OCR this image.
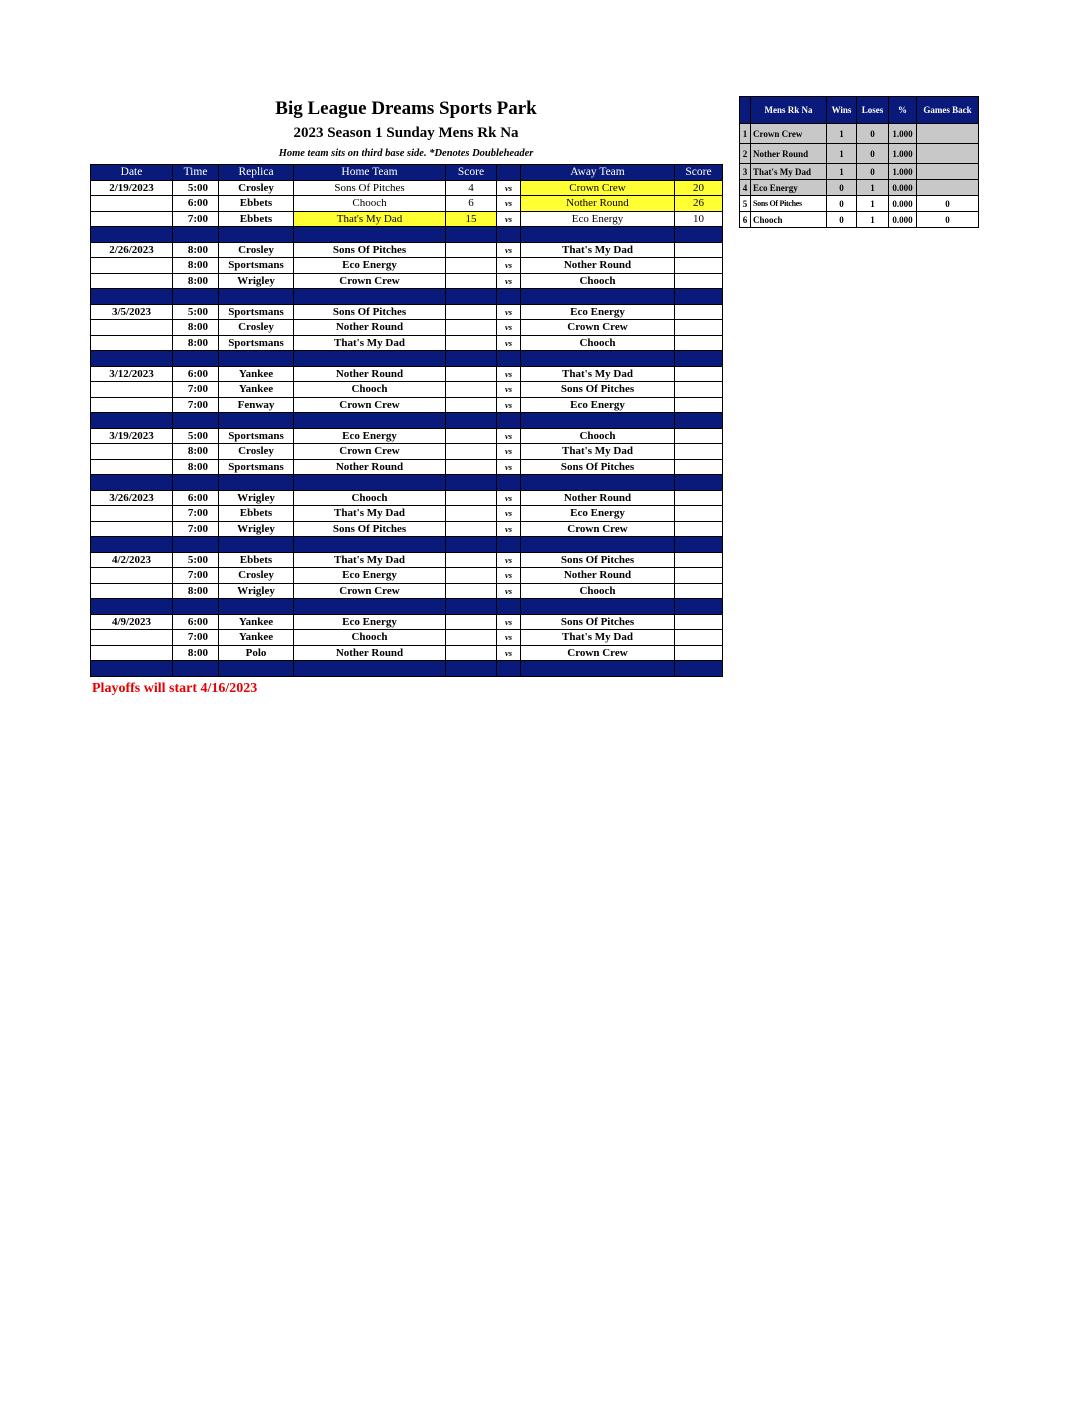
Big League Dreams Sports Park
2023 Season 1 Sunday Mens Rk Na
Home team sits on third base side. *Denotes Doubleheader
Date	Time	Replica	Home Team	Score		Away Team	Score
2/19/2023	5:00	Crosley	Sons Of Pitches	4	vs	Crown Crew	20
	6:00	Ebbets	Chooch	6	vs	Nother Round	26
	7:00	Ebbets	That's My Dad	15	vs	Eco Energy	10

2/26/2023	8:00	Crosley	Sons Of Pitches		vs	That's My Dad	
	8:00	Sportsmans	Eco Energy		vs	Nother Round	
	8:00	Wrigley	Crown Crew		vs	Chooch	

3/5/2023	5:00	Sportsmans	Sons Of Pitches		vs	Eco Energy	
	8:00	Crosley	Nother Round		vs	Crown Crew	
	8:00	Sportsmans	That's My Dad		vs	Chooch	

3/12/2023	6:00	Yankee	Nother Round		vs	That's My Dad	
	7:00	Yankee	Chooch		vs	Sons Of Pitches	
	7:00	Fenway	Crown Crew		vs	Eco Energy	

3/19/2023	5:00	Sportsmans	Eco Energy		vs	Chooch	
	8:00	Crosley	Crown Crew		vs	That's My Dad	
	8:00	Sportsmans	Nother Round		vs	Sons Of Pitches	

3/26/2023	6:00	Wrigley	Chooch		vs	Nother Round	
	7:00	Ebbets	That's My Dad		vs	Eco Energy	
	7:00	Wrigley	Sons Of Pitches		vs	Crown Crew	

4/2/2023	5:00	Ebbets	That's My Dad		vs	Sons Of Pitches	
	7:00	Crosley	Eco Energy		vs	Nother Round	
	8:00	Wrigley	Crown Crew		vs	Chooch	

4/9/2023	6:00	Yankee	Eco Energy		vs	Sons Of Pitches	
	7:00	Yankee	Chooch		vs	That's My Dad	
	8:00	Polo	Nother Round		vs	Crown Crew	

Playoffs will start 4/16/2023
	Mens Rk Na	Wins	Loses	%	Games Back
1	Crown Crew	1	0	1.000	
2	Nother Round	1	0	1.000	
3	That's My Dad	1	0	1.000	
4	Eco Energy	0	1	0.000	
5	Sons Of Pitches	0	1	0.000	0
6	Chooch	0	1	0.000	0
